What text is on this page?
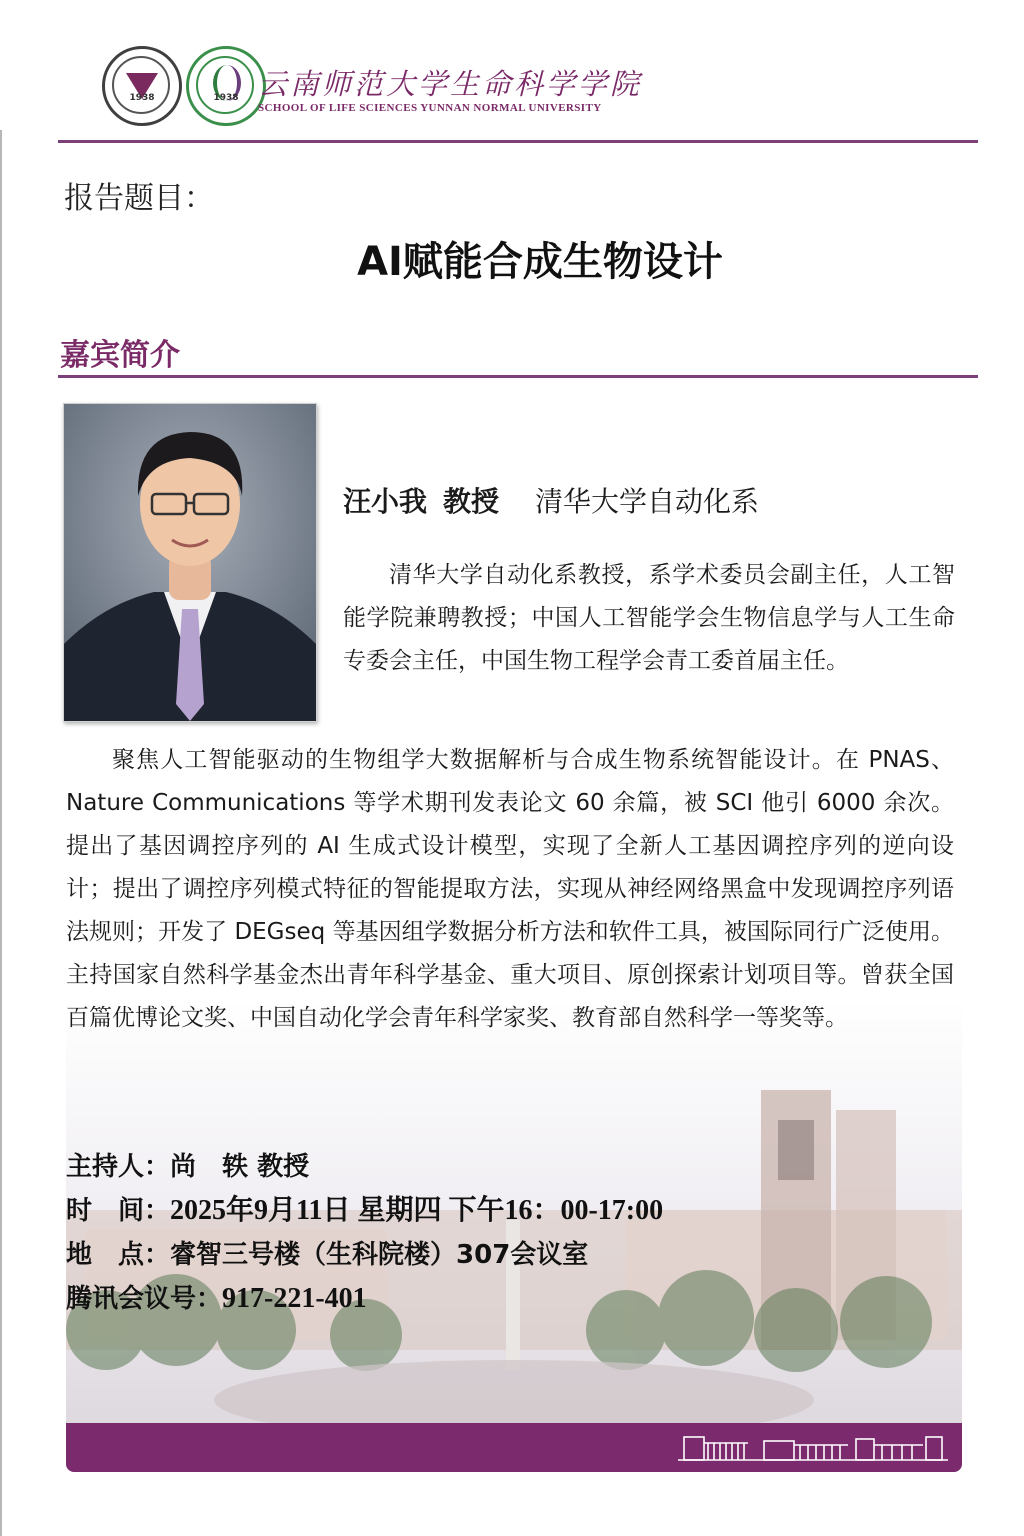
1938	1938 云南师范大学生命科学学院
SCHOOL OF LIFE SCIENCES YUNNAN NORMAL UNIVERSITY
报告题目：
AI赋能合成生物设计
嘉宾简介
汪小我 教授 清华大学自动化系
清华大学自动化系教授，系学术委员会副主任，人工智能学院兼聘教授；中国人工智能学会生物信息学与人工生命专委会主任，中国生物工程学会青工委首届主任。
聚焦人工智能驱动的生物组学大数据解析与合成生物系统智能设计。在 PNAS、Nature Communications 等学术期刊发表论文 60 余篇，被 SCI 他引 6000 余次。提出了基因调控序列的 AI 生成式设计模型，实现了全新人工基因调控序列的逆向设计；提出了调控序列模式特征的智能提取方法，实现从神经网络黑盒中发现调控序列语法规则；开发了 DEGseq 等基因组学数据分析方法和软件工具，被国际同行广泛使用。主持国家自然科学基金杰出青年科学基金、重大项目、原创探索计划项目等。曾获全国百篇优博论文奖、中国自动化学会青年科学家奖、教育部自然科学一等奖等。
主持人：尚　轶 教授
时　间：2025年9月11日 星期四 下午16：00-17:00
地　点：睿智三号楼（生科院楼）307会议室
腾讯会议号：917-221-401
